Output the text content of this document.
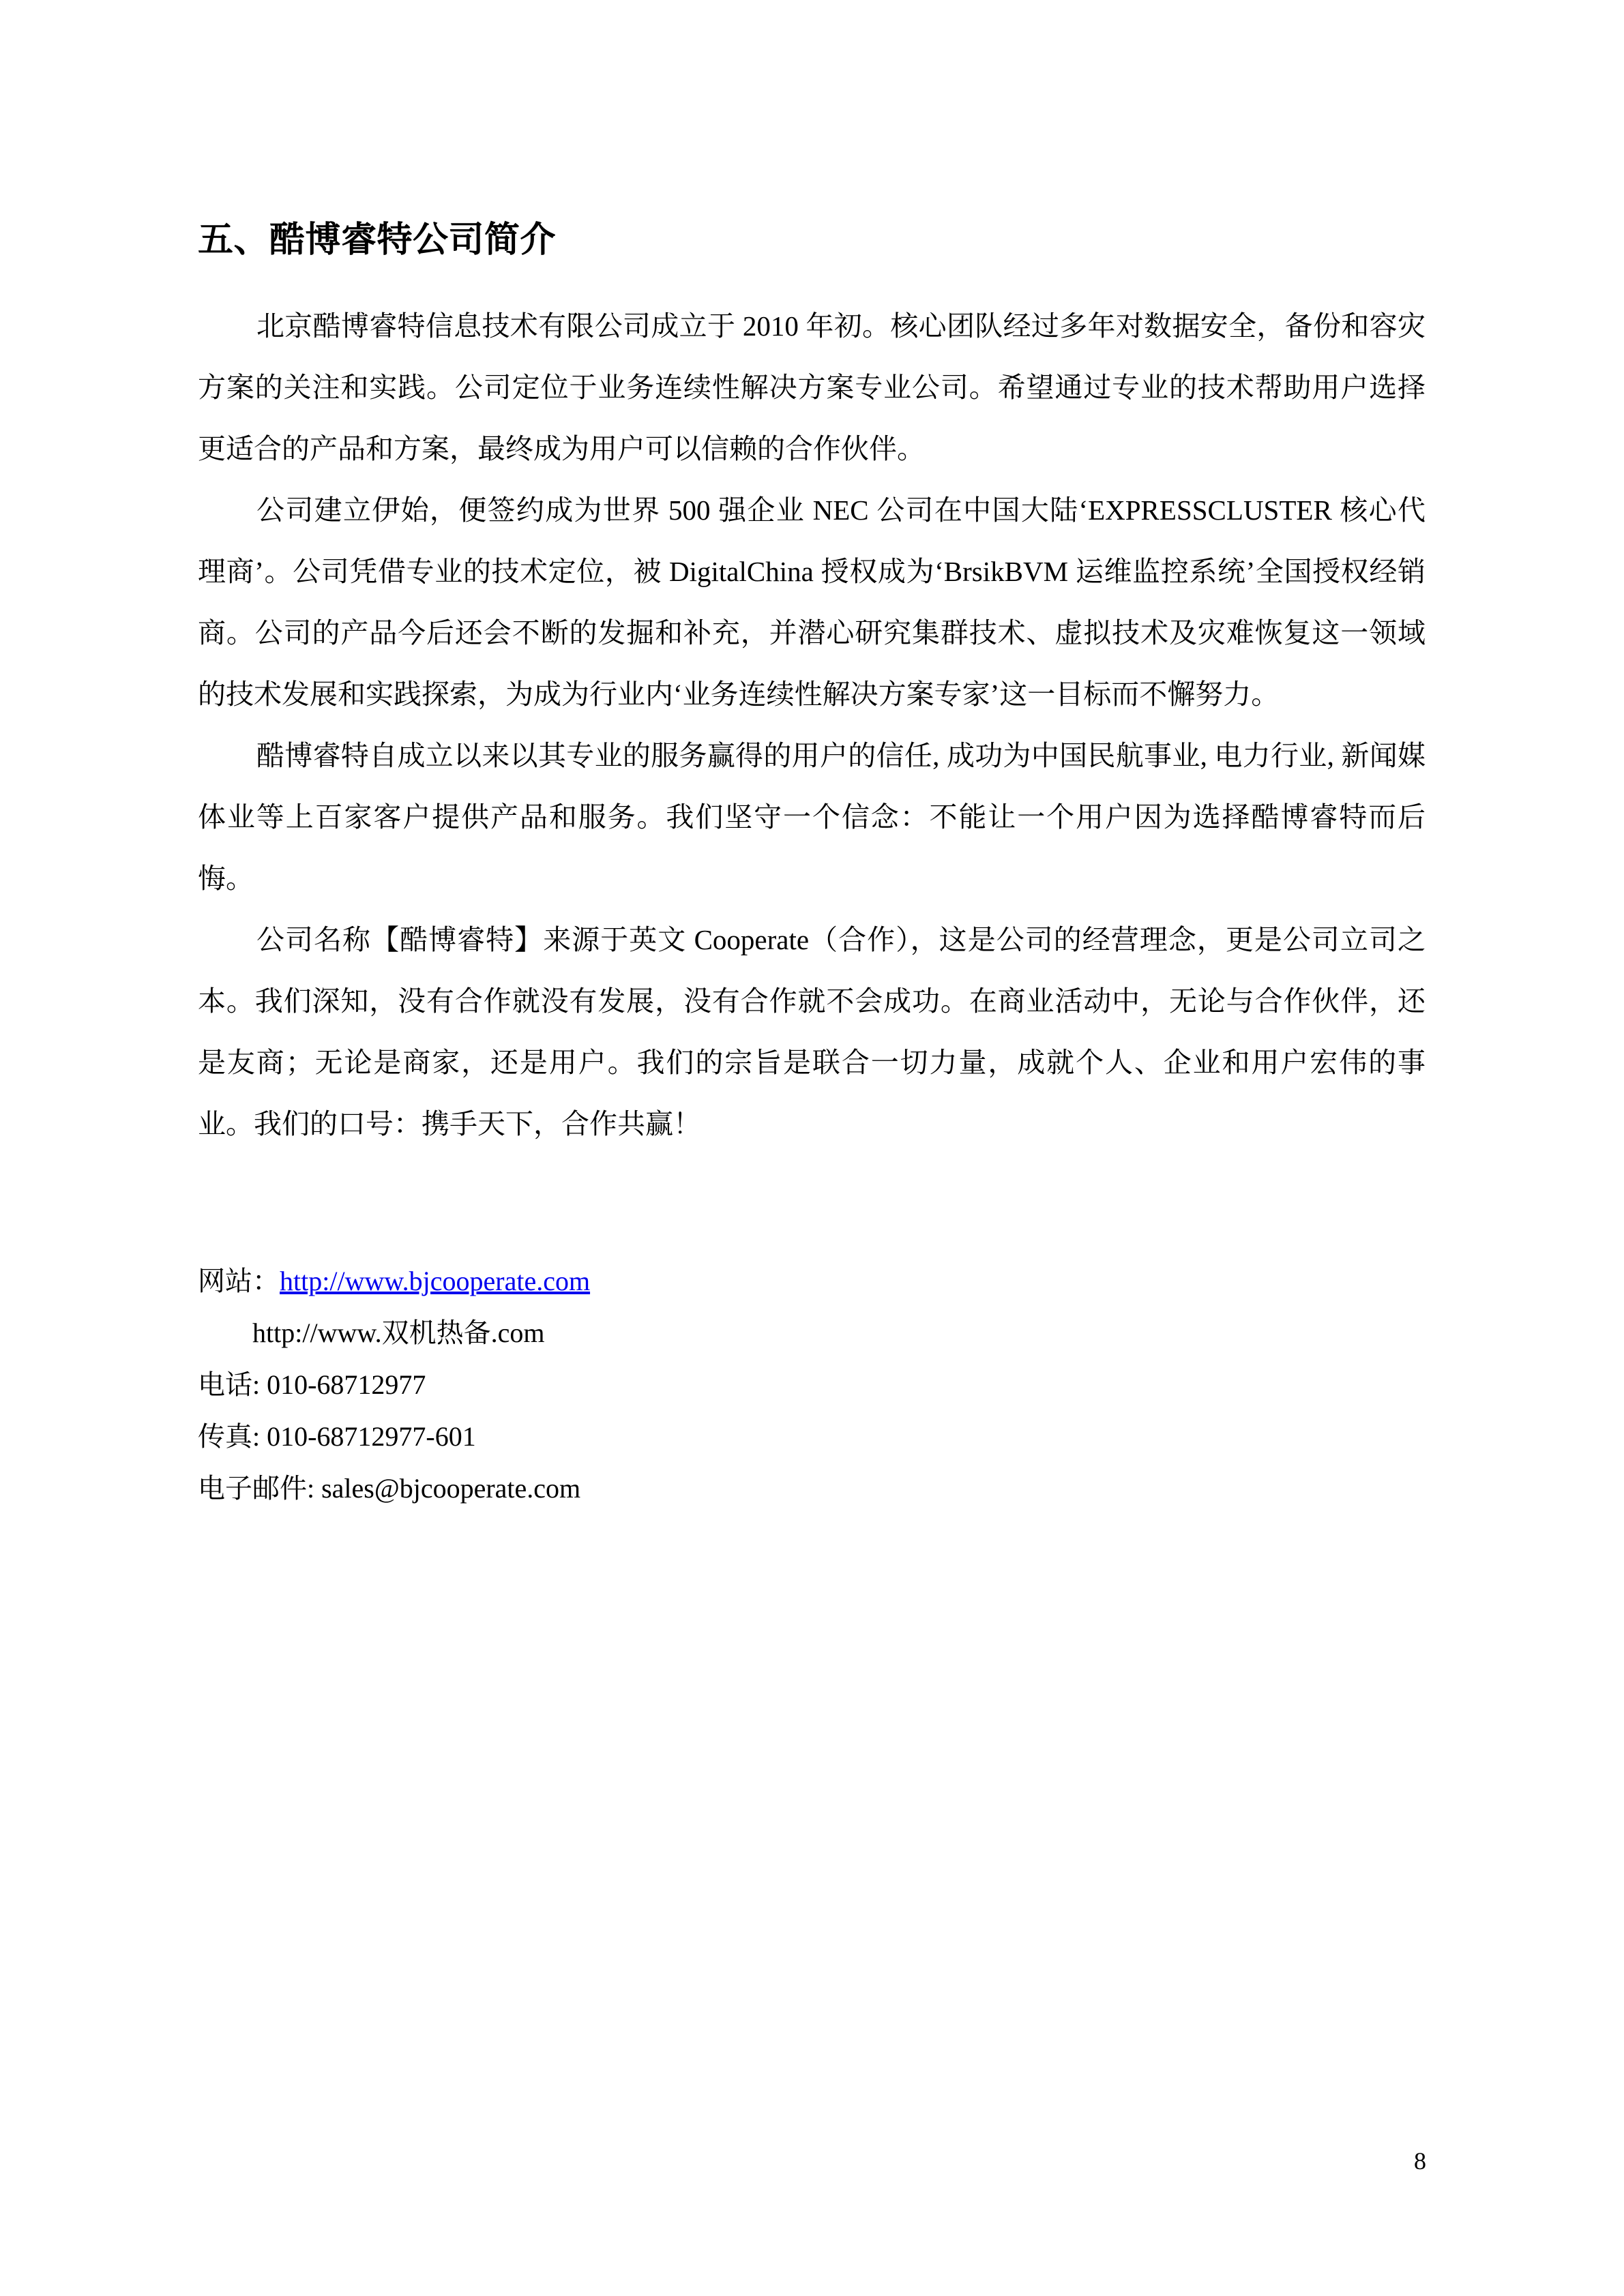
五、酷博睿特公司简介

北京酷博睿特信息技术有限公司成立于 2010 年初。核心团队经过多年对数据安全，备份和容灾方案的关注和实践。公司定位于业务连续性解决方案专业公司。希望通过专业的技术帮助用户选择更适合的产品和方案，最终成为用户可以信赖的合作伙伴。

公司建立伊始，便签约成为世界 500 强企业 NEC 公司在中国大陆‘EXPRESSCLUSTER 核心代理商’。公司凭借专业的技术定位，被 DigitalChina 授权成为‘BrsikBVM 运维监控系统’全国授权经销商。公司的产品今后还会不断的发掘和补充，并潜心研究集群技术、虚拟技术及灾难恢复这一领域的技术发展和实践探索，为成为行业内‘业务连续性解决方案专家’这一目标而不懈努力。

酷博睿特自成立以来以其专业的服务赢得的用户的信任, 成功为中国民航事业, 电力行业, 新闻媒体业等上百家客户提供产品和服务。我们坚守一个信念：不能让一个用户因为选择酷博睿特而后悔。

公司名称【酷博睿特】来源于英文 Cooperate（合作），这是公司的经营理念，更是公司立司之本。我们深知，没有合作就没有发展，没有合作就不会成功。在商业活动中，无论与合作伙伴，还是友商；无论是商家，还是用户。我们的宗旨是联合一切力量，成就个人、企业和用户宏伟的事业。我们的口号：携手天下，合作共赢！

网站：http://www.bjcooperate.com

http://www.双机热备.com

电话: 010-68712977

传真: 010-68712977-601

电子邮件: sales@bjcooperate.com

8
